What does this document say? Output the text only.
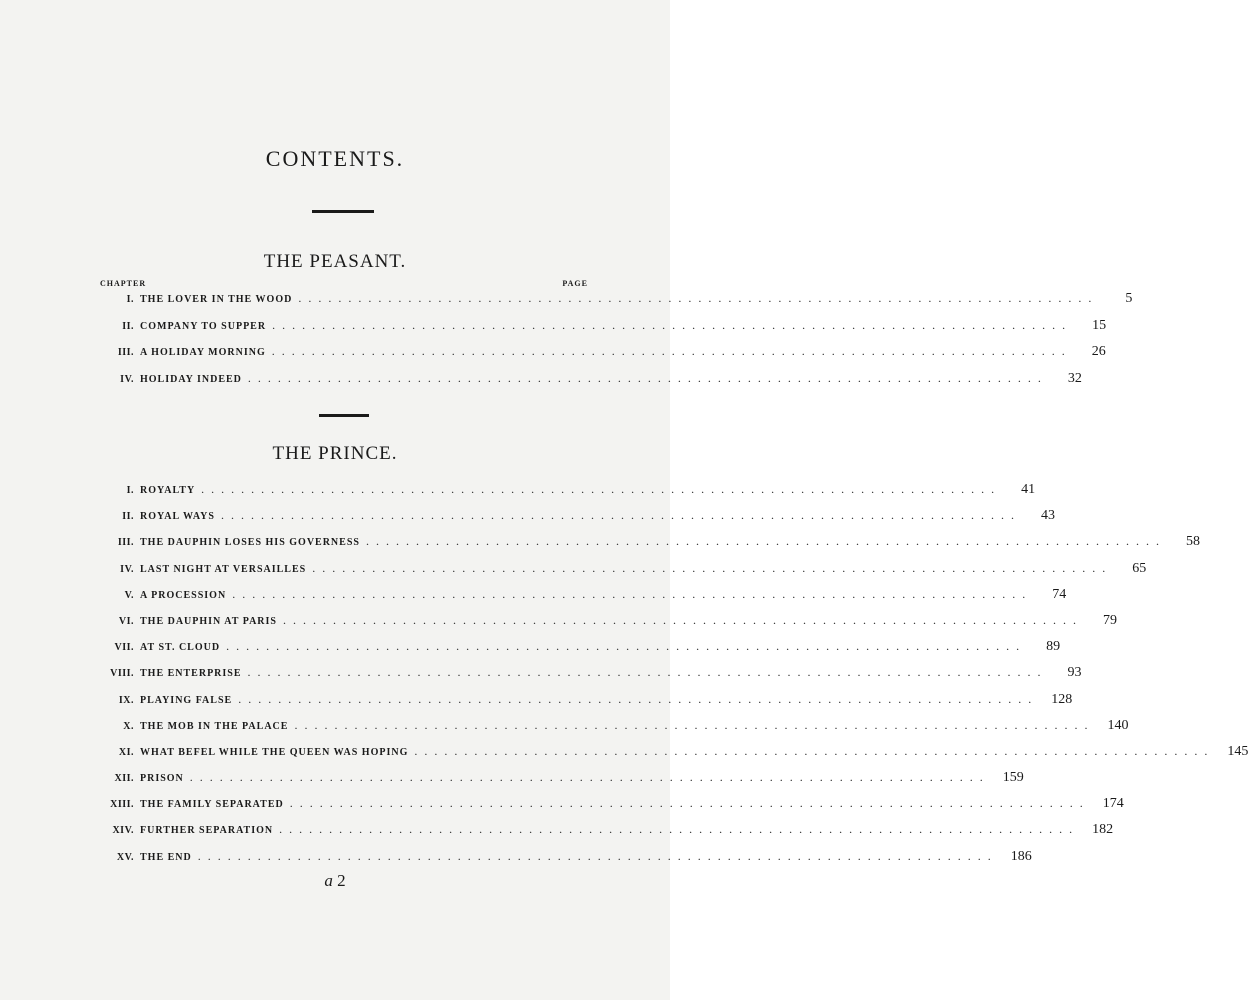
CONTENTS.
THE PEASANT.
CHAPTER	PAGE
I. THE LOVER IN THE WOOD ................................................................................	5
II. COMPANY TO SUPPER ................................................................................	15
III. A HOLIDAY MORNING ................................................................................	26
IV. HOLIDAY INDEED ................................................................................	32
THE PRINCE.
I. ROYALTY ................................................................................	41
II. ROYAL WAYS ................................................................................	43
III. THE DAUPHIN LOSES HIS GOVERNESS ................................................................................	58
IV. LAST NIGHT AT VERSAILLES ................................................................................	65
V. A PROCESSION ................................................................................	74
VI. THE DAUPHIN AT PARIS ................................................................................	79
VII. AT ST. CLOUD ................................................................................	89
VIII. THE ENTERPRISE ................................................................................	93
IX. PLAYING FALSE ................................................................................ 128
X. THE MOB IN THE PALACE ................................................................................ 140
XI. WHAT BEFEL WHILE THE QUEEN WAS HOPING ................................................................................ 145
XII. PRISON ................................................................................ 159
XIII. THE FAMILY SEPARATED ................................................................................ 174
XIV. FURTHER SEPARATION ................................................................................ 182
XV. THE END ................................................................................ 186
a 2
